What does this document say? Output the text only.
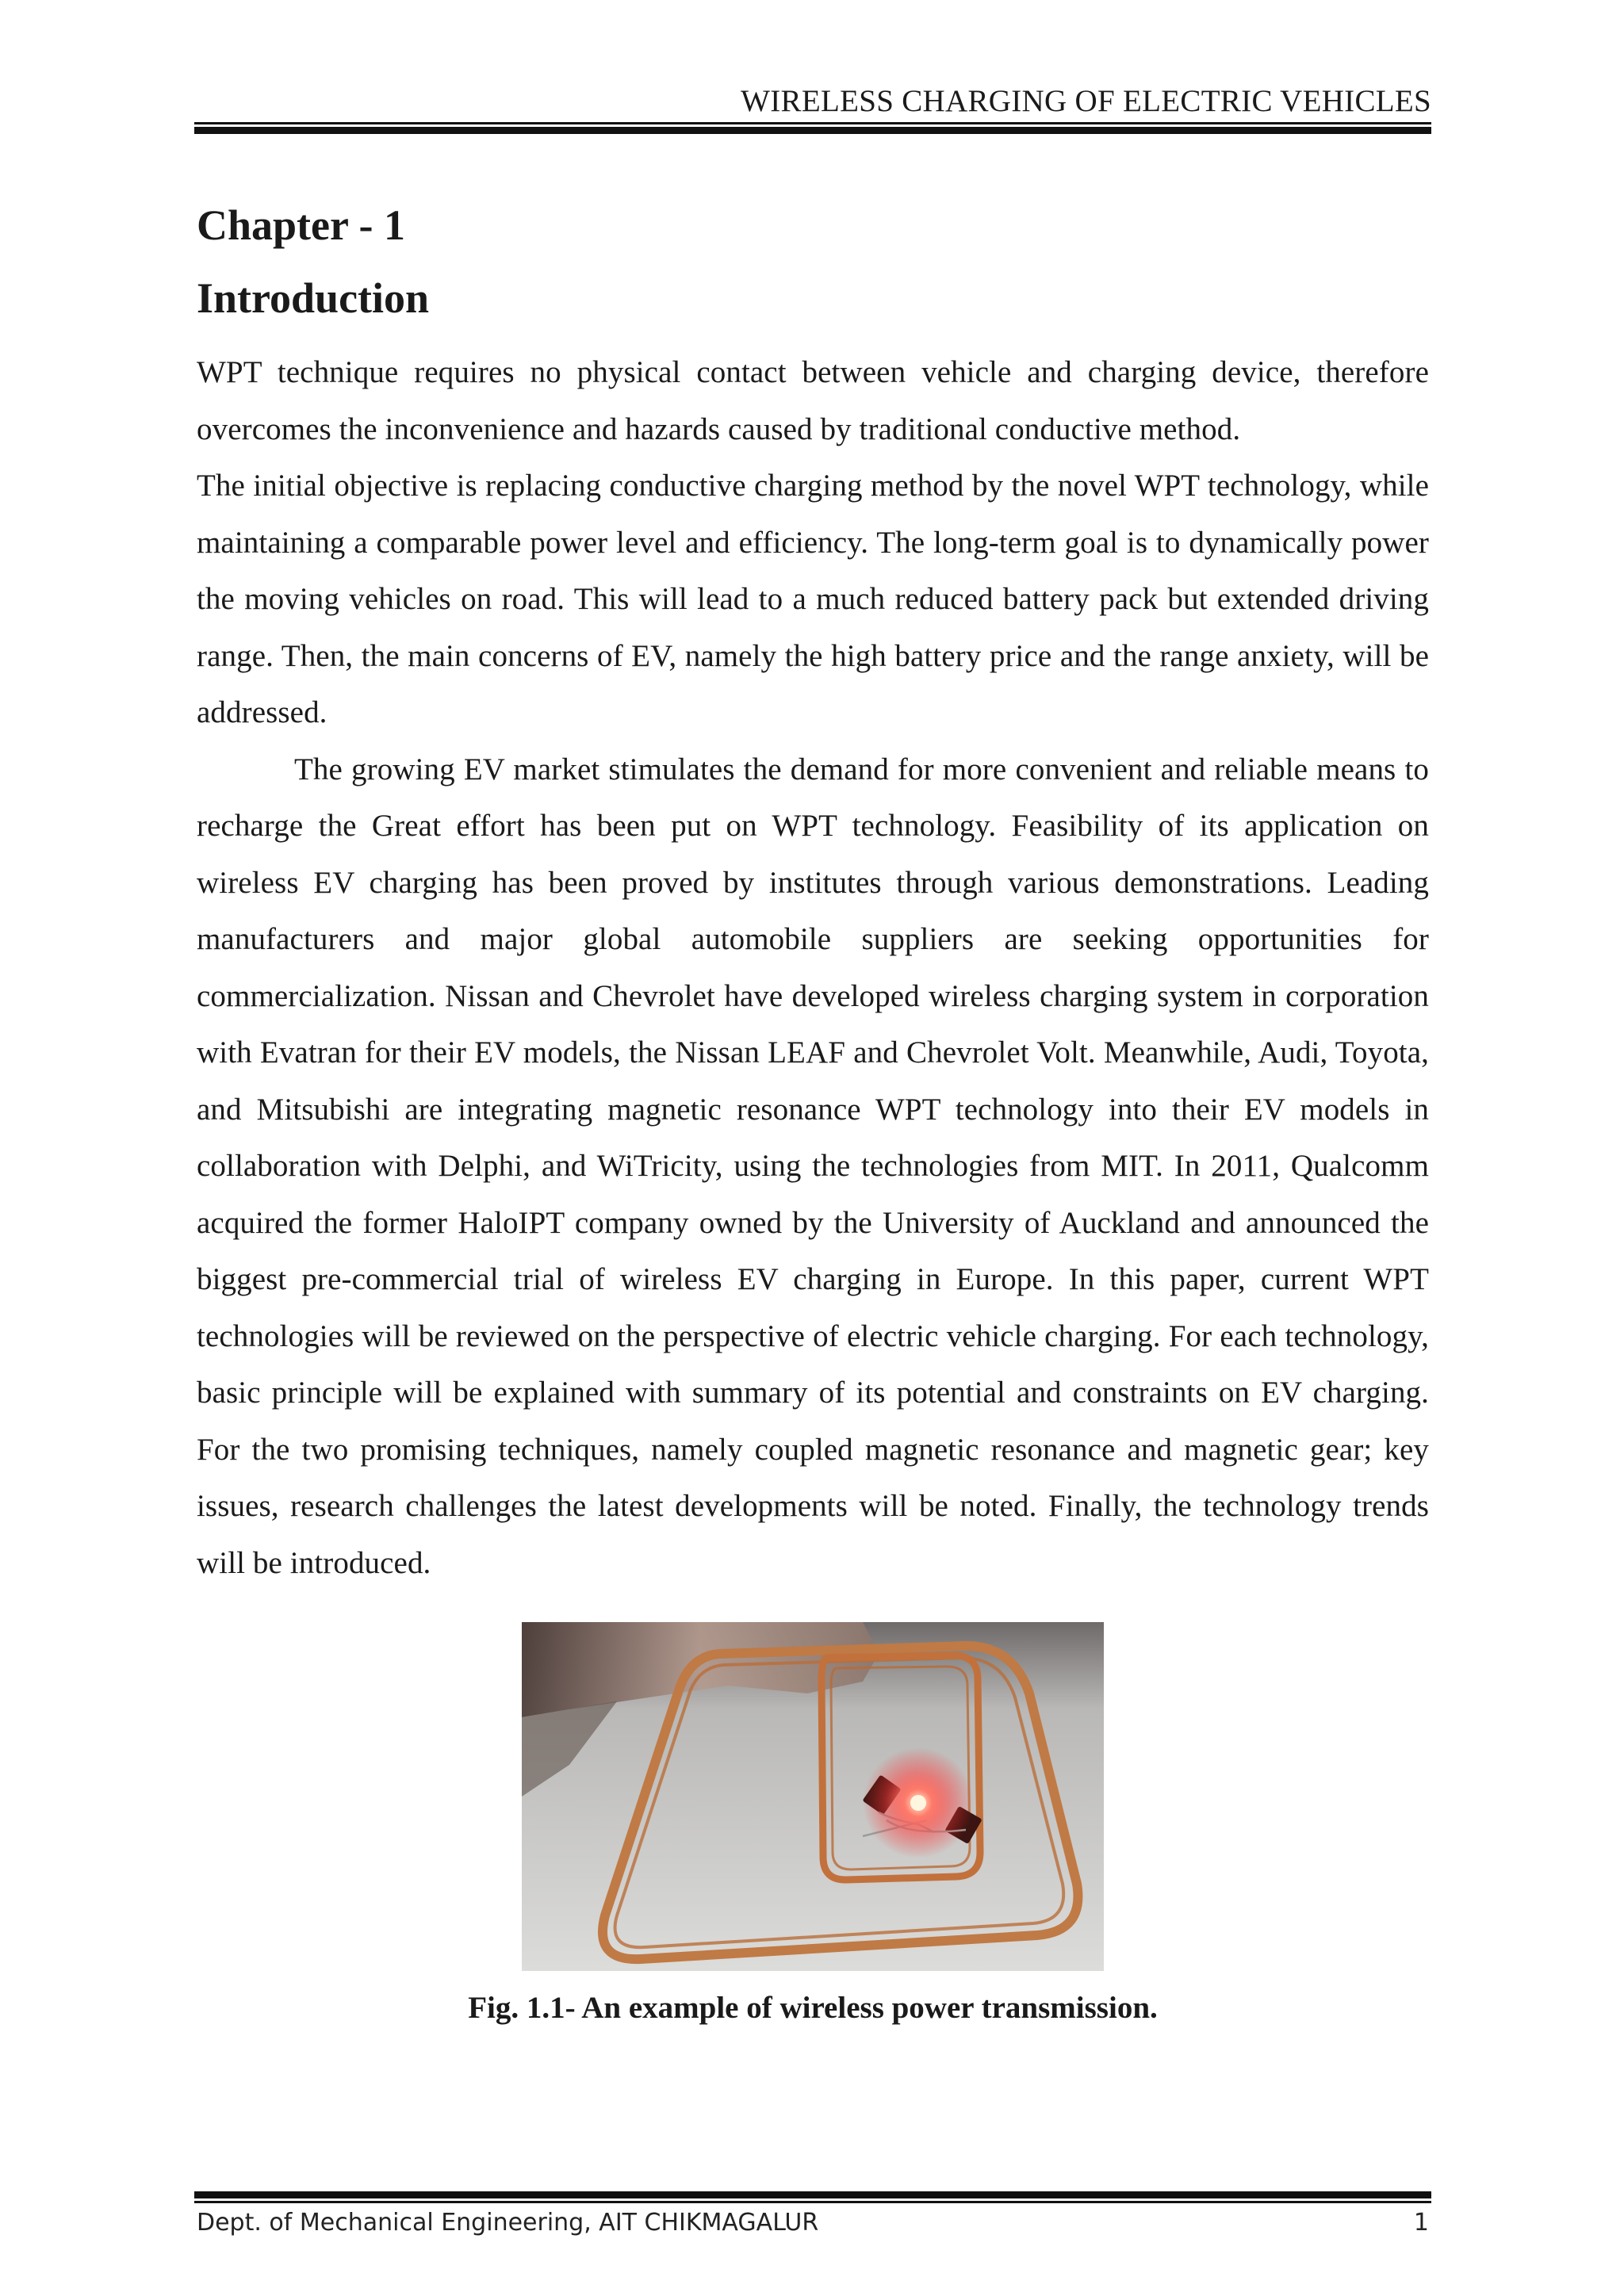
WIRELESS CHARGING OF ELECTRIC VEHICLES
Chapter - 1
Introduction

WPT technique requires no physical contact between vehicle and charging device, therefore overcomes the inconvenience and hazards caused by traditional conductive method.

The initial objective is replacing conductive charging method by the novel WPT technology, while maintaining a comparable power level and efficiency. The long-term goal is to dynamically power the moving vehicles on road. This will lead to a much reduced battery pack but extended driving range. Then, the main concerns of EV, namely the high battery price and the range anxiety, will be addressed.

The growing EV market stimulates the demand for more convenient and reliable means to recharge the Great effort has been put on WPT technology. Feasibility of its application on wireless EV charging has been proved by institutes through various demonstrations. Leading manufacturers and major global automobile suppliers are seeking opportunities for commercialization. Nissan and Chevrolet have developed wireless charging system in corporation with Evatran for their EV models, the Nissan LEAF and Chevrolet Volt. Meanwhile, Audi, Toyota, and Mitsubishi are integrating magnetic resonance WPT technology into their EV models in collaboration with Delphi, and WiTricity, using the technologies from MIT. In 2011, Qualcomm acquired the former HaloIPT company owned by the University of Auckland and announced the biggest pre-commercial trial of wireless EV charging in Europe. In this paper, current WPT technologies will be reviewed on the perspective of electric vehicle charging. For each technology, basic principle will be explained with summary of its potential and constraints on EV charging. For the two promising techniques, namely coupled magnetic resonance and magnetic gear; key issues, research challenges the latest developments will be noted. Finally, the technology trends will be introduced.

Fig. 1.1- An example of wireless power transmission.
Dept. of Mechanical Engineering, AIT CHIKMAGALUR	1
